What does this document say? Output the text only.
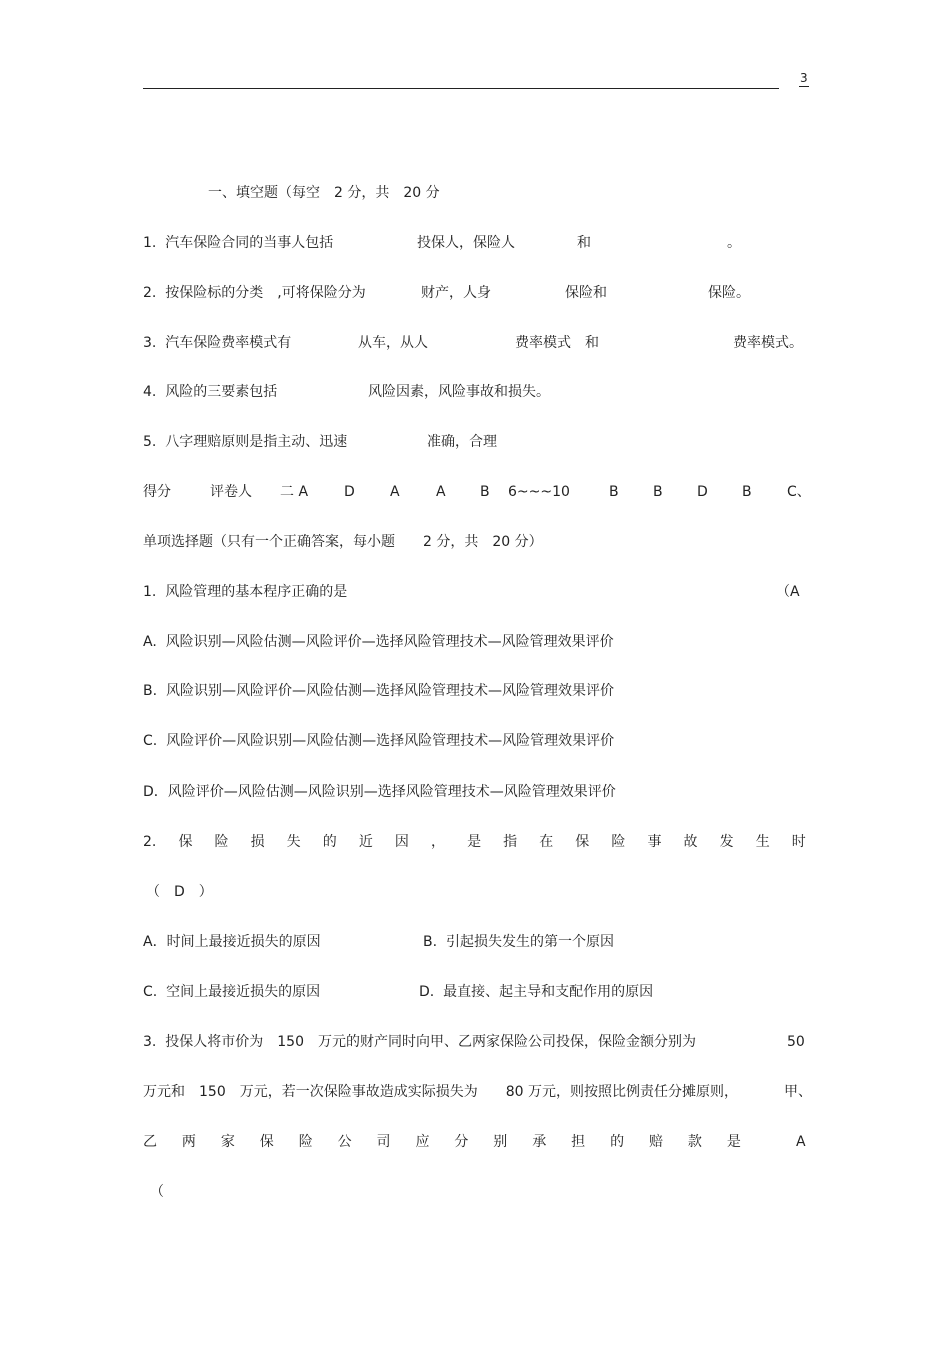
3
一、填空题（每空　2 分，共　20 分
1.  汽车保险合同的当事人包括	投保人，保险人	和	。
2.  按保险标的分类　,可将保险分为	财产，人身	保险和	保险。
3.  汽车保险费率模式有	从车，从人	费率模式　和	费率模式。
4.  风险的三要素包括	风险因素，风险事故和损失。
5.  八字理赔原则是指主动、迅速	准确，合理
得分	评卷人 二 A	D	A	A B 6~~~10	B B D B	C、
单项选择题（只有一个正确答案，每小题　　2 分，共　20 分）
1.  风险管理的基本程序正确的是	（A
A.  风险识别—风险估测—风险评价—选择风险管理技术—风险管理效果评价
B.  风险识别—风险评价—风险估测—选择风险管理技术—风险管理效果评价
C.  风险评价—风险识别—风险估测—选择风险管理技术—风险管理效果评价
D．风险评价—风险估测—风险识别—选择风险管理技术—风险管理效果评价
2. 保 险 损 失 的 近 因 ， 是 指 在 保 险 事 故 发 生 时
（　D　）
A．时间上最接近损失的原因	B.  引起损失发生的第一个原因
C.  空间上最接近损失的原因	D.  最直接、起主导和支配作用的原因
3.  投保人将市价为　150　万元的财产同时向甲、乙两家保险公司投保，保险金额分别为	50
万元和　150　万元，若一次保险事故造成实际损失为　　80 万元，则按照比例责任分摊原则，	甲、
乙 两 家 保 险 公 司 应 分 别 承 担 的 赔 款 是	A
（
